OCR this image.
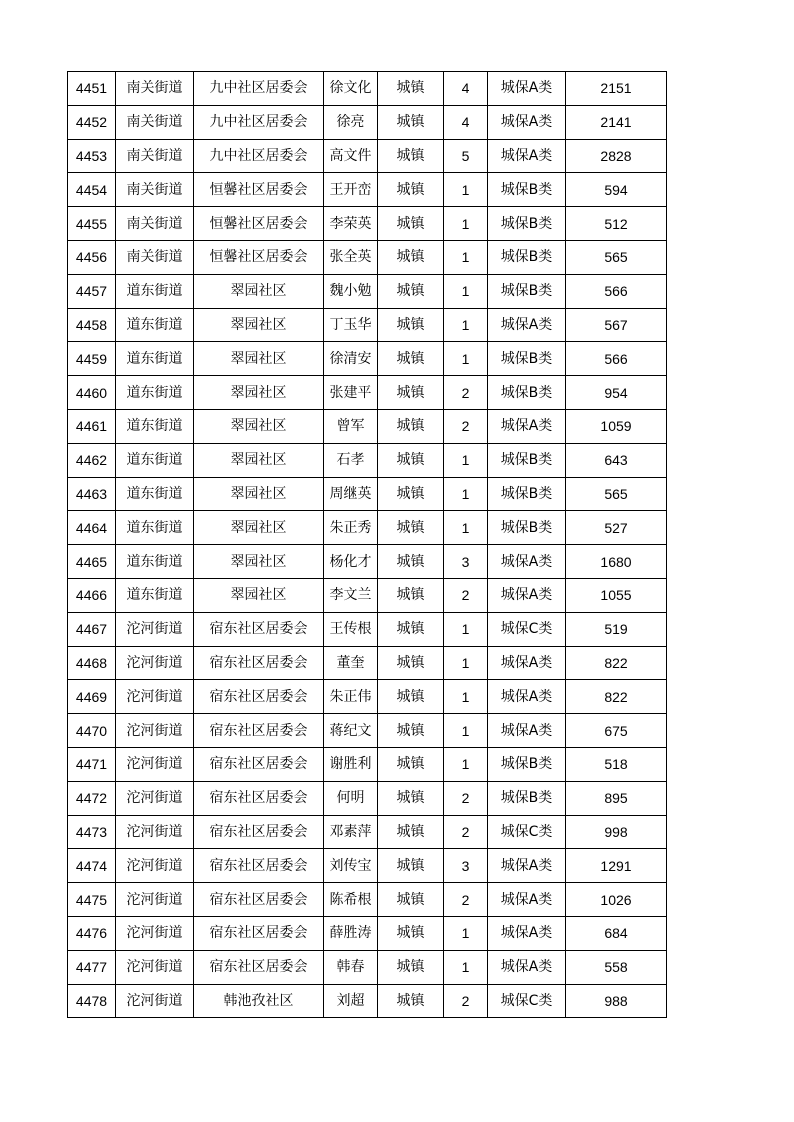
4451	南关街道	九中社区居委会	徐文化	城镇	4	城保A类	2151
4452	南关街道	九中社区居委会	徐亮	城镇	4	城保A类	2141
4453	南关街道	九中社区居委会	高文件	城镇	5	城保A类	2828
4454	南关街道	恒馨社区居委会	王开峦	城镇	1	城保B类	594
4455	南关街道	恒馨社区居委会	李荣英	城镇	1	城保B类	512
4456	南关街道	恒馨社区居委会	张全英	城镇	1	城保B类	565
4457	道东街道	翠园社区	魏小勉	城镇	1	城保B类	566
4458	道东街道	翠园社区	丁玉华	城镇	1	城保A类	567
4459	道东街道	翠园社区	徐清安	城镇	1	城保B类	566
4460	道东街道	翠园社区	张建平	城镇	2	城保B类	954
4461	道东街道	翠园社区	曾军	城镇	2	城保A类	1059
4462	道东街道	翠园社区	石孝	城镇	1	城保B类	643
4463	道东街道	翠园社区	周继英	城镇	1	城保B类	565
4464	道东街道	翠园社区	朱正秀	城镇	1	城保B类	527
4465	道东街道	翠园社区	杨化才	城镇	3	城保A类	1680
4466	道东街道	翠园社区	李文兰	城镇	2	城保A类	1055
4467	沱河街道	宿东社区居委会	王传根	城镇	1	城保C类	519
4468	沱河街道	宿东社区居委会	董奎	城镇	1	城保A类	822
4469	沱河街道	宿东社区居委会	朱正伟	城镇	1	城保A类	822
4470	沱河街道	宿东社区居委会	蒋纪文	城镇	1	城保A类	675
4471	沱河街道	宿东社区居委会	谢胜利	城镇	1	城保B类	518
4472	沱河街道	宿东社区居委会	何明	城镇	2	城保B类	895
4473	沱河街道	宿东社区居委会	邓素萍	城镇	2	城保C类	998
4474	沱河街道	宿东社区居委会	刘传宝	城镇	3	城保A类	1291
4475	沱河街道	宿东社区居委会	陈希根	城镇	2	城保A类	1026
4476	沱河街道	宿东社区居委会	薛胜涛	城镇	1	城保A类	684
4477	沱河街道	宿东社区居委会	韩春	城镇	1	城保A类	558
4478	沱河街道	韩池孜社区	刘超	城镇	2	城保C类	988
